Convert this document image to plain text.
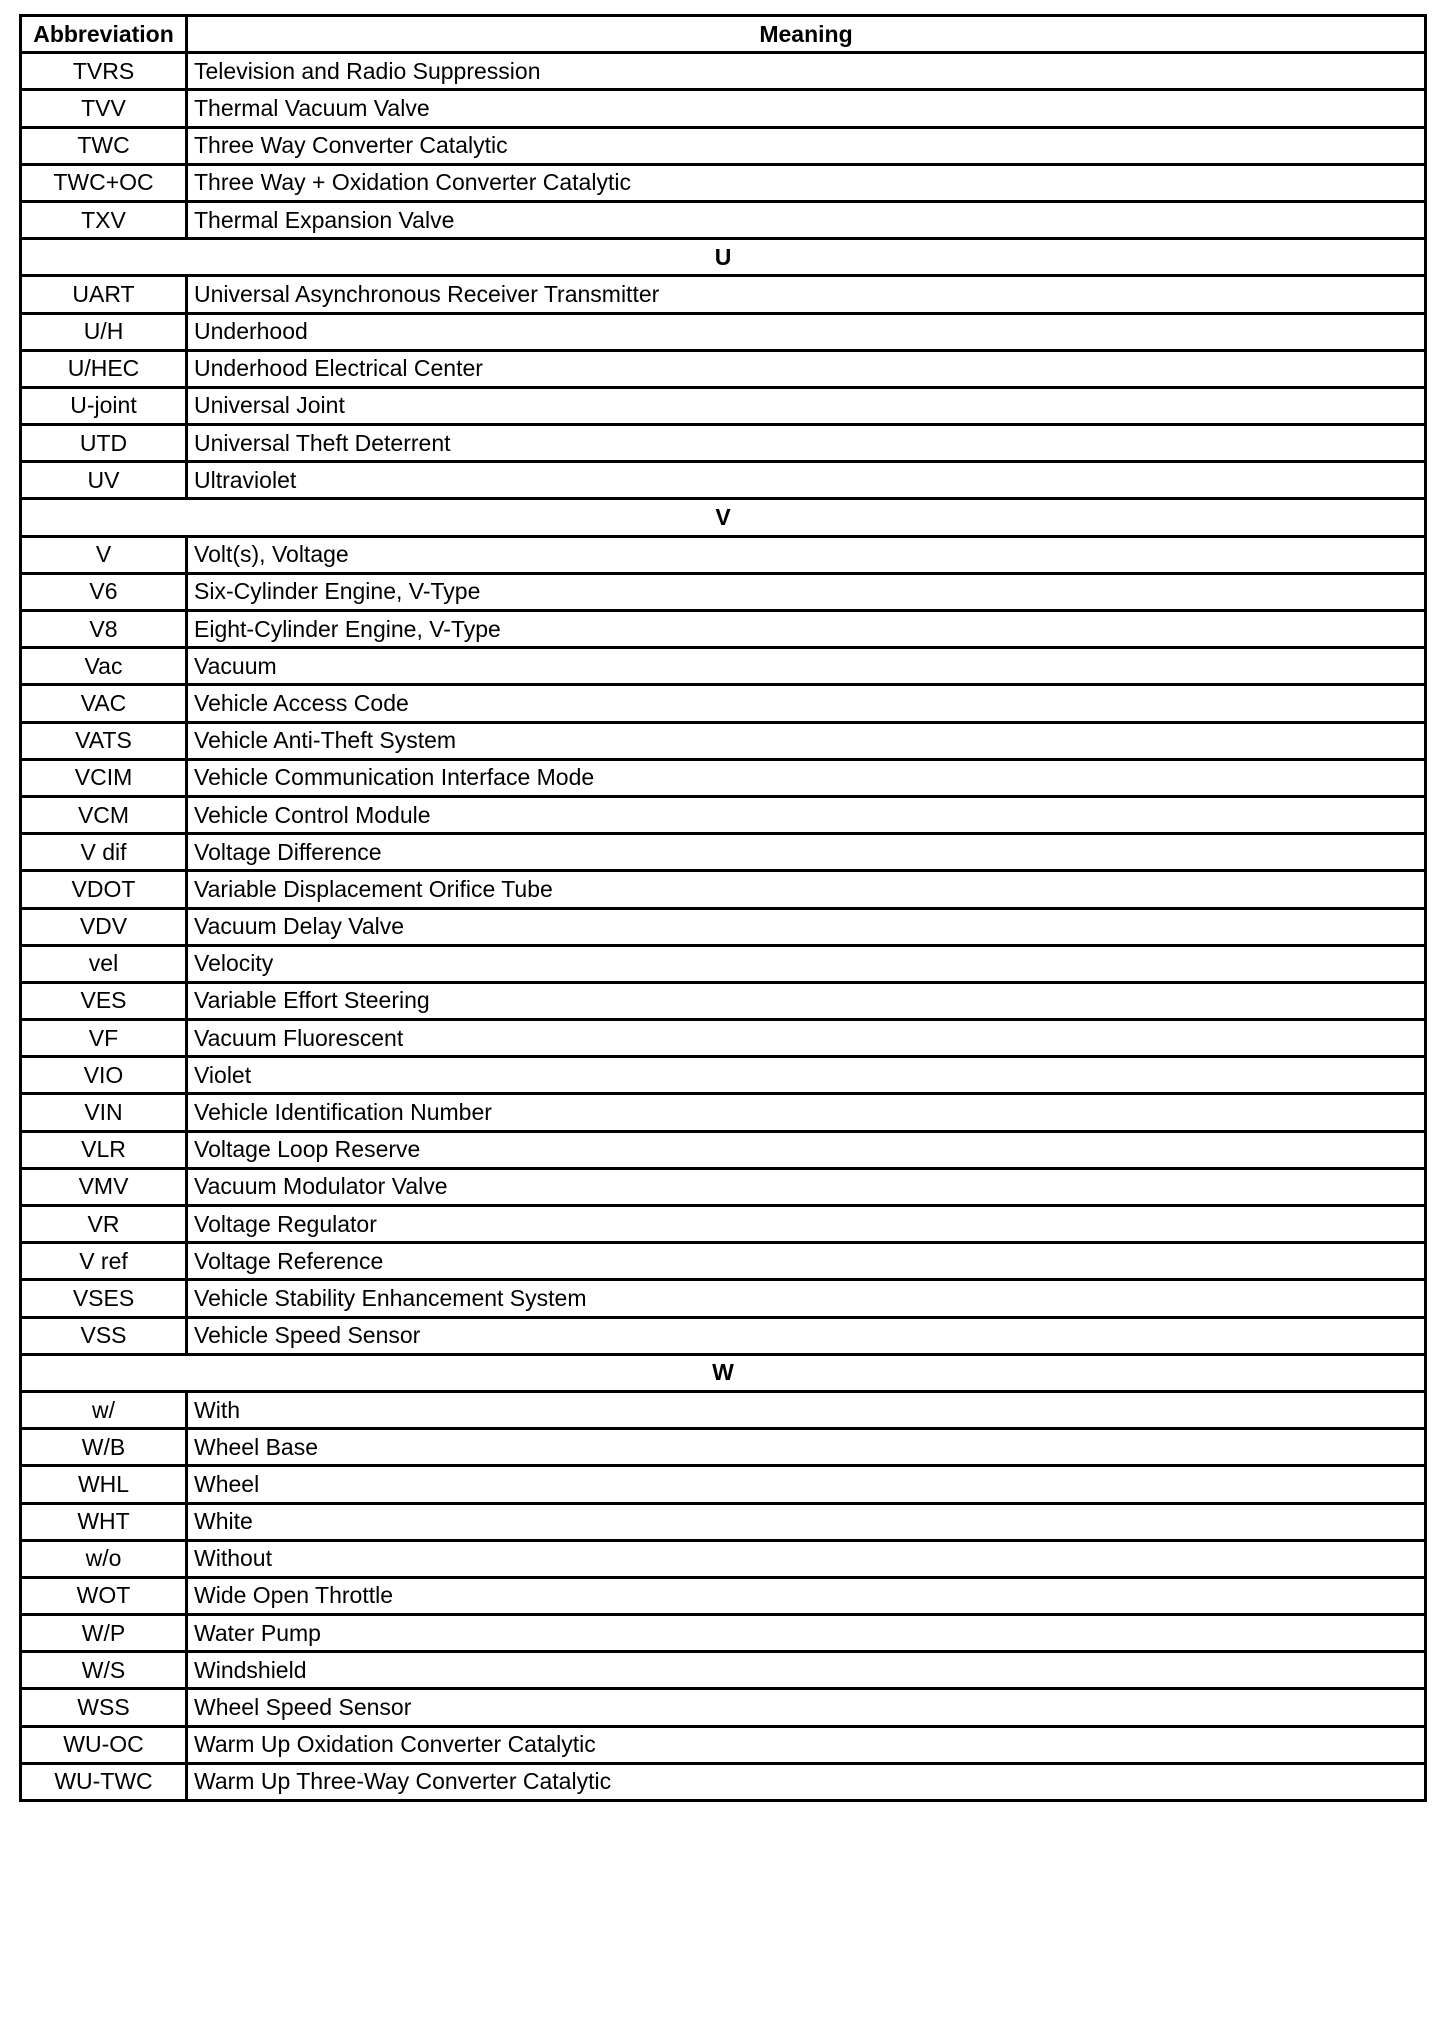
Abbreviation	Meaning
TVRS	Television and Radio Suppression
TVV	Thermal Vacuum Valve
TWC	Three Way Converter Catalytic
TWC+OC	Three Way + Oxidation Converter Catalytic
TXV	Thermal Expansion Valve
U	
UART	Universal Asynchronous Receiver Transmitter
U/H	Underhood
U/HEC	Underhood Electrical Center
U-joint	Universal Joint
UTD	Universal Theft Deterrent
UV	Ultraviolet
V	
V	Volt(s), Voltage
V6	Six-Cylinder Engine, V-Type
V8	Eight-Cylinder Engine, V-Type
Vac	Vacuum
VAC	Vehicle Access Code
VATS	Vehicle Anti-Theft System
VCIM	Vehicle Communication Interface Mode
VCM	Vehicle Control Module
V dif	Voltage Difference
VDOT	Variable Displacement Orifice Tube
VDV	Vacuum Delay Valve
vel	Velocity
VES	Variable Effort Steering
VF	Vacuum Fluorescent
VIO	Violet
VIN	Vehicle Identification Number
VLR	Voltage Loop Reserve
VMV	Vacuum Modulator Valve
VR	Voltage Regulator
V ref	Voltage Reference
VSES	Vehicle Stability Enhancement System
VSS	Vehicle Speed Sensor
W	
w/	With
W/B	Wheel Base
WHL	Wheel
WHT	White
w/o	Without
WOT	Wide Open Throttle
W/P	Water Pump
W/S	Windshield
WSS	Wheel Speed Sensor
WU-OC	Warm Up Oxidation Converter Catalytic
WU-TWC	Warm Up Three-Way Converter Catalytic
